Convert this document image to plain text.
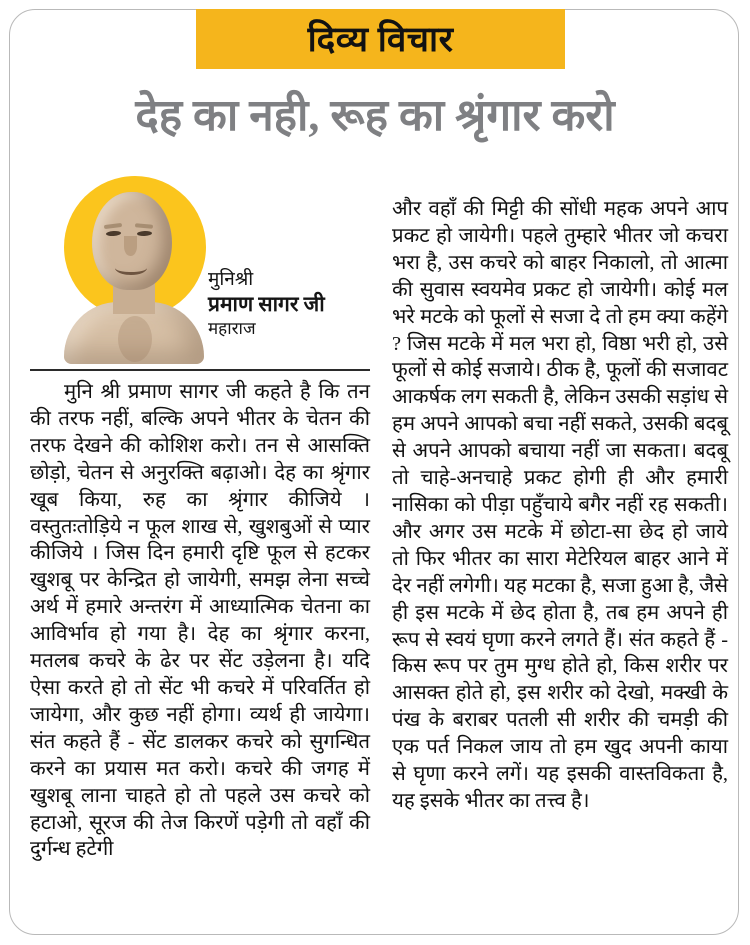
दिव्य विचार
देह का नही, रूह का श्रृंगार करो
मुनिश्री
प्रमाण सागर जी
महाराज

मुनि श्री प्रमाण सागर जी कहते है कि तन की तरफ नहीं, बल्कि अपने भीतर के चेतन की तरफ देखने की कोशिश करो। तन से आसक्ति छोड़ो, चेतन से अनुरक्ति बढ़ाओ। देह का श्रृंगार खूब किया, रुह का श्रृंगार कीजिये । वस्तुतःतोड़िये न फूल शाख से, खुशबुओं से प्यार कीजिये । जिस दिन हमारी दृष्टि फूल से हटकर खुशबू पर केन्द्रित हो जायेगी, समझ लेना सच्चे अर्थ में हमारे अन्तरंग में आध्यात्मिक चेतना का आविर्भाव हो गया है। देह का श्रृंगार करना, मतलब कचरे के ढेर पर सेंट उड़ेलना है। यदि ऐसा करते हो तो सेंट भी कचरे में परिवर्तित हो जायेगा, और कुछ नहीं होगा। व्यर्थ ही जायेगा। संत कहते हैं - सेंट डालकर कचरे को सुगन्धित करने का प्रयास मत करो। कचरे की जगह में खुशबू लाना चाहते हो तो पहले उस कचरे को हटाओ, सूरज की तेज किरणें पड़ेगी तो वहाँ की दुर्गन्ध हटेगी

और वहाँ की मिट्टी की सोंधी महक अपने आप प्रकट हो जायेगी। पहले तुम्हारे भीतर जो कचरा भरा है, उस कचरे को बाहर निकालो, तो आत्मा की सुवास स्वयमेव प्रकट हो जायेगी। कोई मल भरे मटके को फूलों से सजा दे तो हम क्या कहेंगे ? जिस मटके में मल भरा हो, विष्ठा भरी हो, उसे फूलों से कोई सजाये। ठीक है, फूलों की सजावट आकर्षक लग सकती है, लेकिन उसकी सड़ांध से हम अपने आपको बचा नहीं सकते, उसकी बदबू से अपने आपको बचाया नहीं जा सकता। बदबू तो चाहे-अनचाहे प्रकट होगी ही और हमारी नासिका को पीड़ा पहुँचाये बगैर नहीं रह सकती। और अगर उस मटके में छोटा-सा छेद हो जाये तो फिर भीतर का सारा मेटेरियल बाहर आने में देर नहीं लगेगी। यह मटका है, सजा हुआ है, जैसे ही इस मटके में छेद होता है, तब हम अपने ही रूप से स्वयं घृणा करने लगते हैं। संत कहते हैं - किस रूप पर तुम मुग्ध होते हो, किस शरीर पर आसक्त होते हो, इस शरीर को देखो, मक्खी के पंख के बराबर पतली सी शरीर की चमड़ी की एक पर्त निकल जाय तो हम खुद अपनी काया से घृणा करने लगें। यह इसकी वास्तविकता है, यह इसके भीतर का तत्त्व है।
